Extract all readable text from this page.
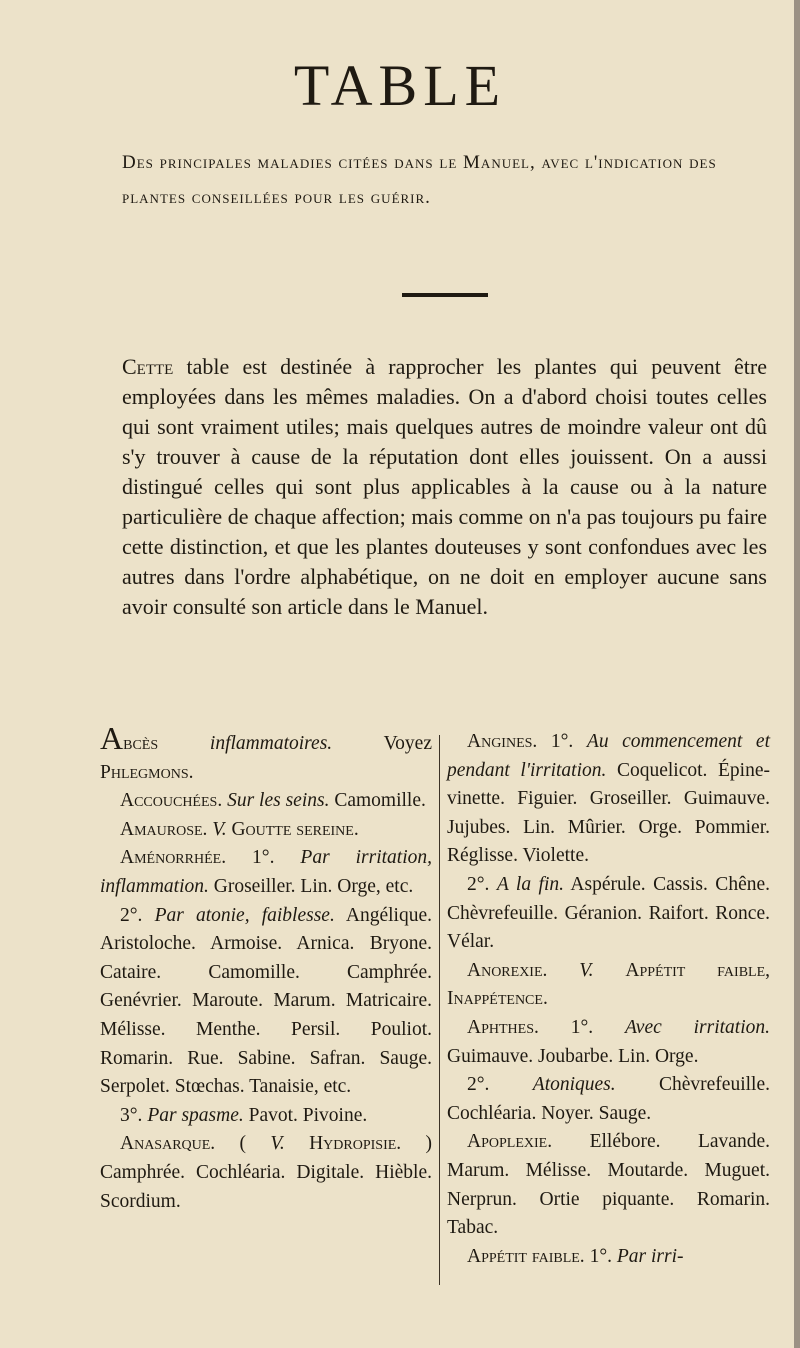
TABLE
Des principales maladies citées dans le Manuel, avec l'indication des plantes conseillées pour les guérir.

Cette table est destinée à rapprocher les plantes qui peuvent être employées dans les mêmes maladies. On a d'abord choisi toutes celles qui sont vraiment utiles; mais quelques autres de moindre valeur ont dû s'y trouver à cause de la réputation dont elles jouissent. On a aussi distingué celles qui sont plus applicables à la cause ou à la nature particulière de chaque affection; mais comme on n'a pas toujours pu faire cette distinction, et que les plantes douteuses y sont confondues avec les autres dans l'ordre alphabétique, on ne doit en employer aucune sans avoir consulté son article dans le Manuel.

Abcès	inflammatoires. Voyez Phlegmons.

Accouchées. Sur les seins. Camomille.

Amaurose. V. Goutte sereine.

Aménorrhée. 1°. Par irritation, inflammation. Groseiller. Lin. Orge, etc.

2°. Par atonie, faiblesse. Angélique. Aristoloche. Armoise. Arnica. Bryone. Cataire. Camomille. Camphrée. Genévrier. Maroute. Marum. Matricaire. Mélisse. Menthe. Persil. Pouliot. Romarin. Rue. Sabine. Safran. Sauge. Serpolet. Stœchas. Tanaisie, etc.

3°. Par spasme. Pavot. Pivoine.

Anasarque. ( V. Hydropisie. ) Camphrée. Cochléaria. Digitale. Hièble. Scordium.

Angines. 1°. Au commencement et pendant l'irritation. Coquelicot. Épine-vinette. Figuier. Groseiller. Guimauve. Jujubes. Lin. Mûrier. Orge. Pommier. Réglisse. Violette.

2°. A la fin. Aspérule. Cassis. Chêne. Chèvrefeuille. Géranion. Raifort. Ronce. Vélar.

Anorexie. V. Appétit faible, Inappétence.

Aphthes. 1°. Avec irritation. Guimauve. Joubarbe. Lin. Orge.

2°. Atoniques. Chèvrefeuille. Cochléaria. Noyer. Sauge.

Apoplexie. Ellébore. Lavande. Marum. Mélisse. Moutarde. Muguet. Nerprun. Ortie piquante. Romarin. Tabac.

Appétit faible. 1°. Par irri-
